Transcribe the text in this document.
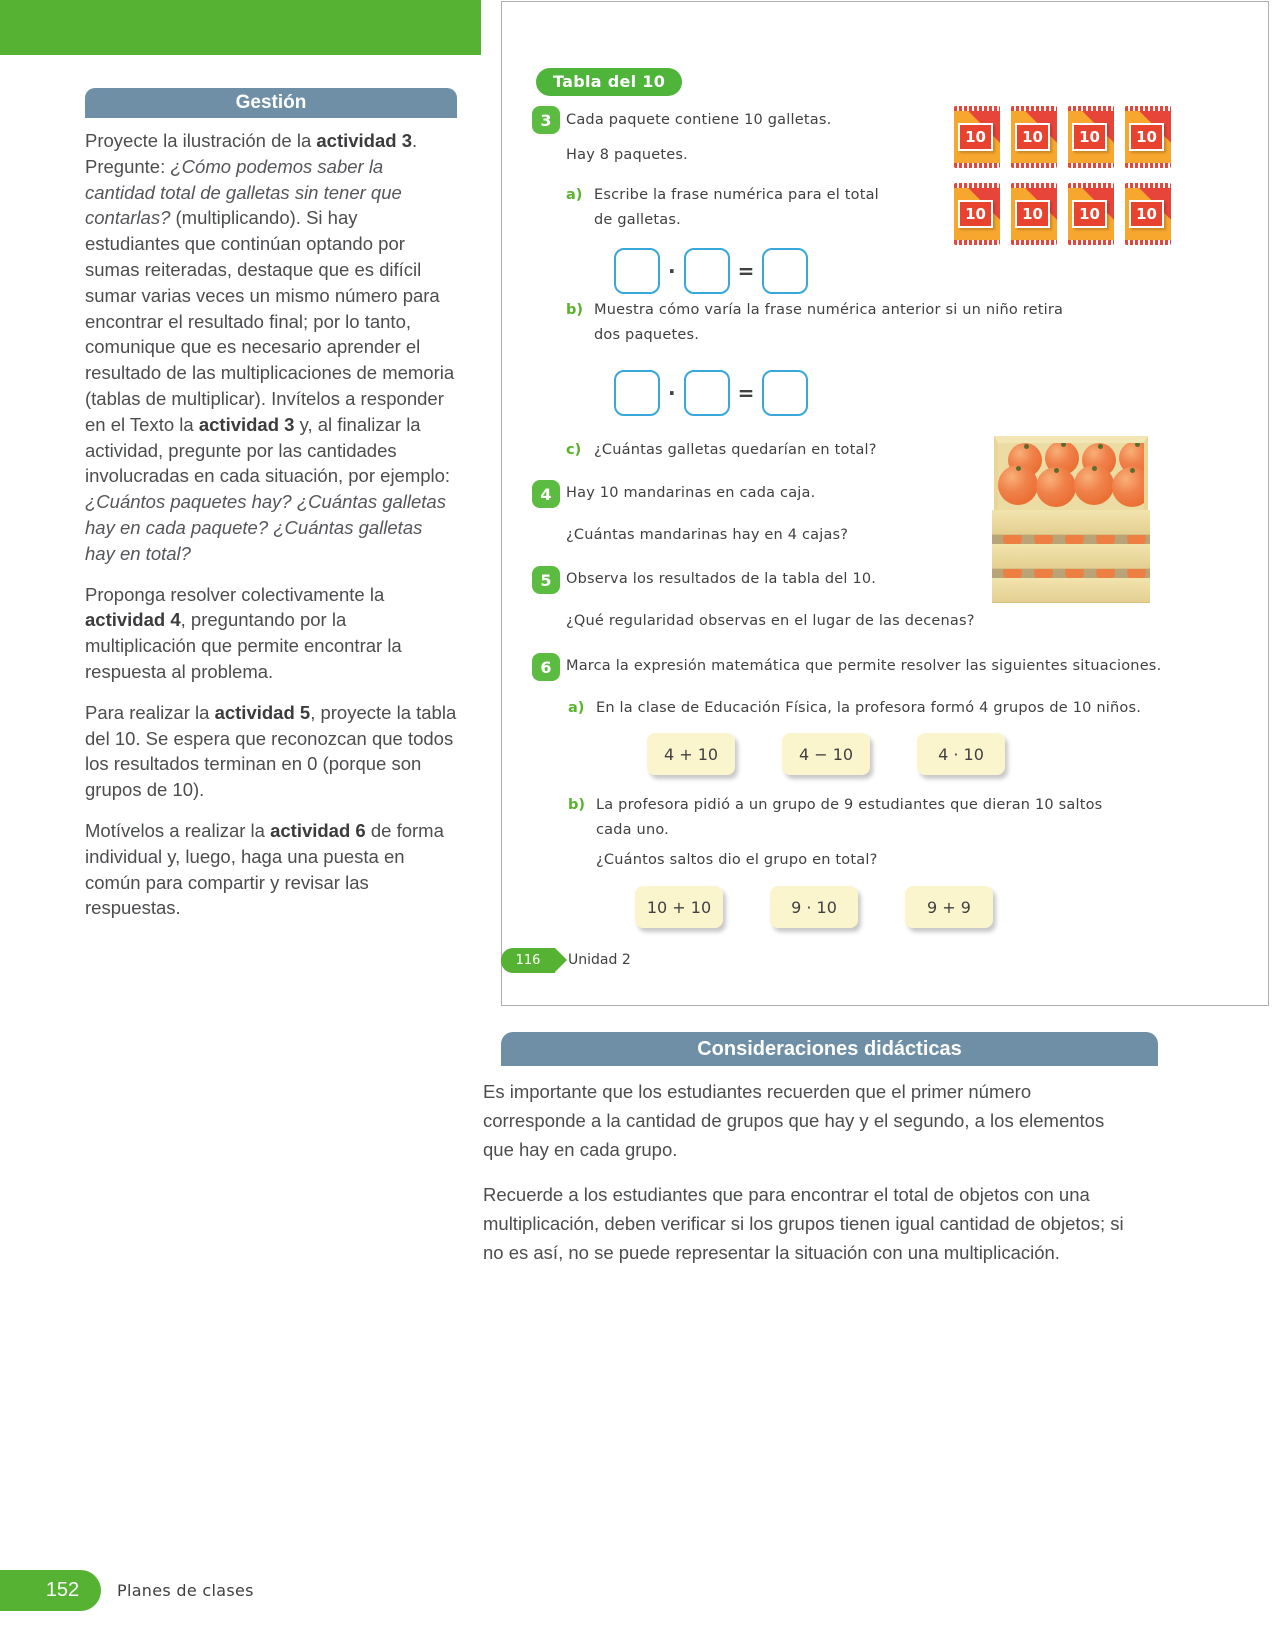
Gestión

Proyecte la ilustración de la actividad 3. Pregunte: ¿Cómo podemos saber la cantidad total de galletas sin tener que contarlas? (multiplicando). Si hay estudiantes que continúan optando por sumas reiteradas, destaque que es difícil sumar varias veces un mismo número para encontrar el resultado final; por lo tanto, comunique que es necesario aprender el resultado de las multiplicaciones de memoria (tablas de multiplicar). Invítelos a responder en el Texto la actividad 3 y, al finalizar la actividad, pregunte por las cantidades involucradas en cada situación, por ejemplo: ¿Cuántos paquetes hay? ¿Cuántas galletas hay en cada paquete? ¿Cuántas galletas hay en total?

Proponga resolver colectivamente la actividad 4, preguntando por la multiplicación que permite encontrar la respuesta al problema.

Para realizar la actividad 5, proyecte la tabla del 10. Se espera que reconozcan que todos los resultados terminan en 0 (porque son grupos de 10).

Motívelos a realizar la actividad 6 de forma individual y, luego, haga una puesta en común para compartir y revisar las respuestas.

Tabla del 10
3 Cada paquete contiene 10 galletas.
Hay 8 paquetes.
a) Escribe la frase numérica para el total
de galletas.
·	=
b) Muestra cómo varía la frase numérica anterior si un niño retira
dos paquetes.
·	=
c) ¿Cuántas galletas quedarían en total?
10 10 10 10
10 10 10 10
4 Hay 10 mandarinas en cada caja.
¿Cuántas mandarinas hay en 4 cajas?
5 Observa los resultados de la tabla del 10.
¿Qué regularidad observas en el lugar de las decenas?
6 Marca la expresión matemática que permite resolver las siguientes situaciones.
a) En la clase de Educación Física, la profesora formó 4 grupos de 10 niños.
4 + 10	4 − 10	4 · 10
b) La profesora pidió a un grupo de 9 estudiantes que dieran 10 saltos
cada uno.
¿Cuántos saltos dio el grupo en total?
10 + 10	9 · 10	9 + 9
116	Unidad 2
Consideraciones didácticas

Es importante que los estudiantes recuerden que el primer número corresponde a la cantidad de grupos que hay y el segundo, a los elementos que hay en cada grupo.

Recuerde a los estudiantes que para encontrar el total de objetos con una multiplicación, deben verificar si los grupos tienen igual cantidad de objetos; si no es así, no se puede representar la situación con una multiplicación.

152	Planes de clases
